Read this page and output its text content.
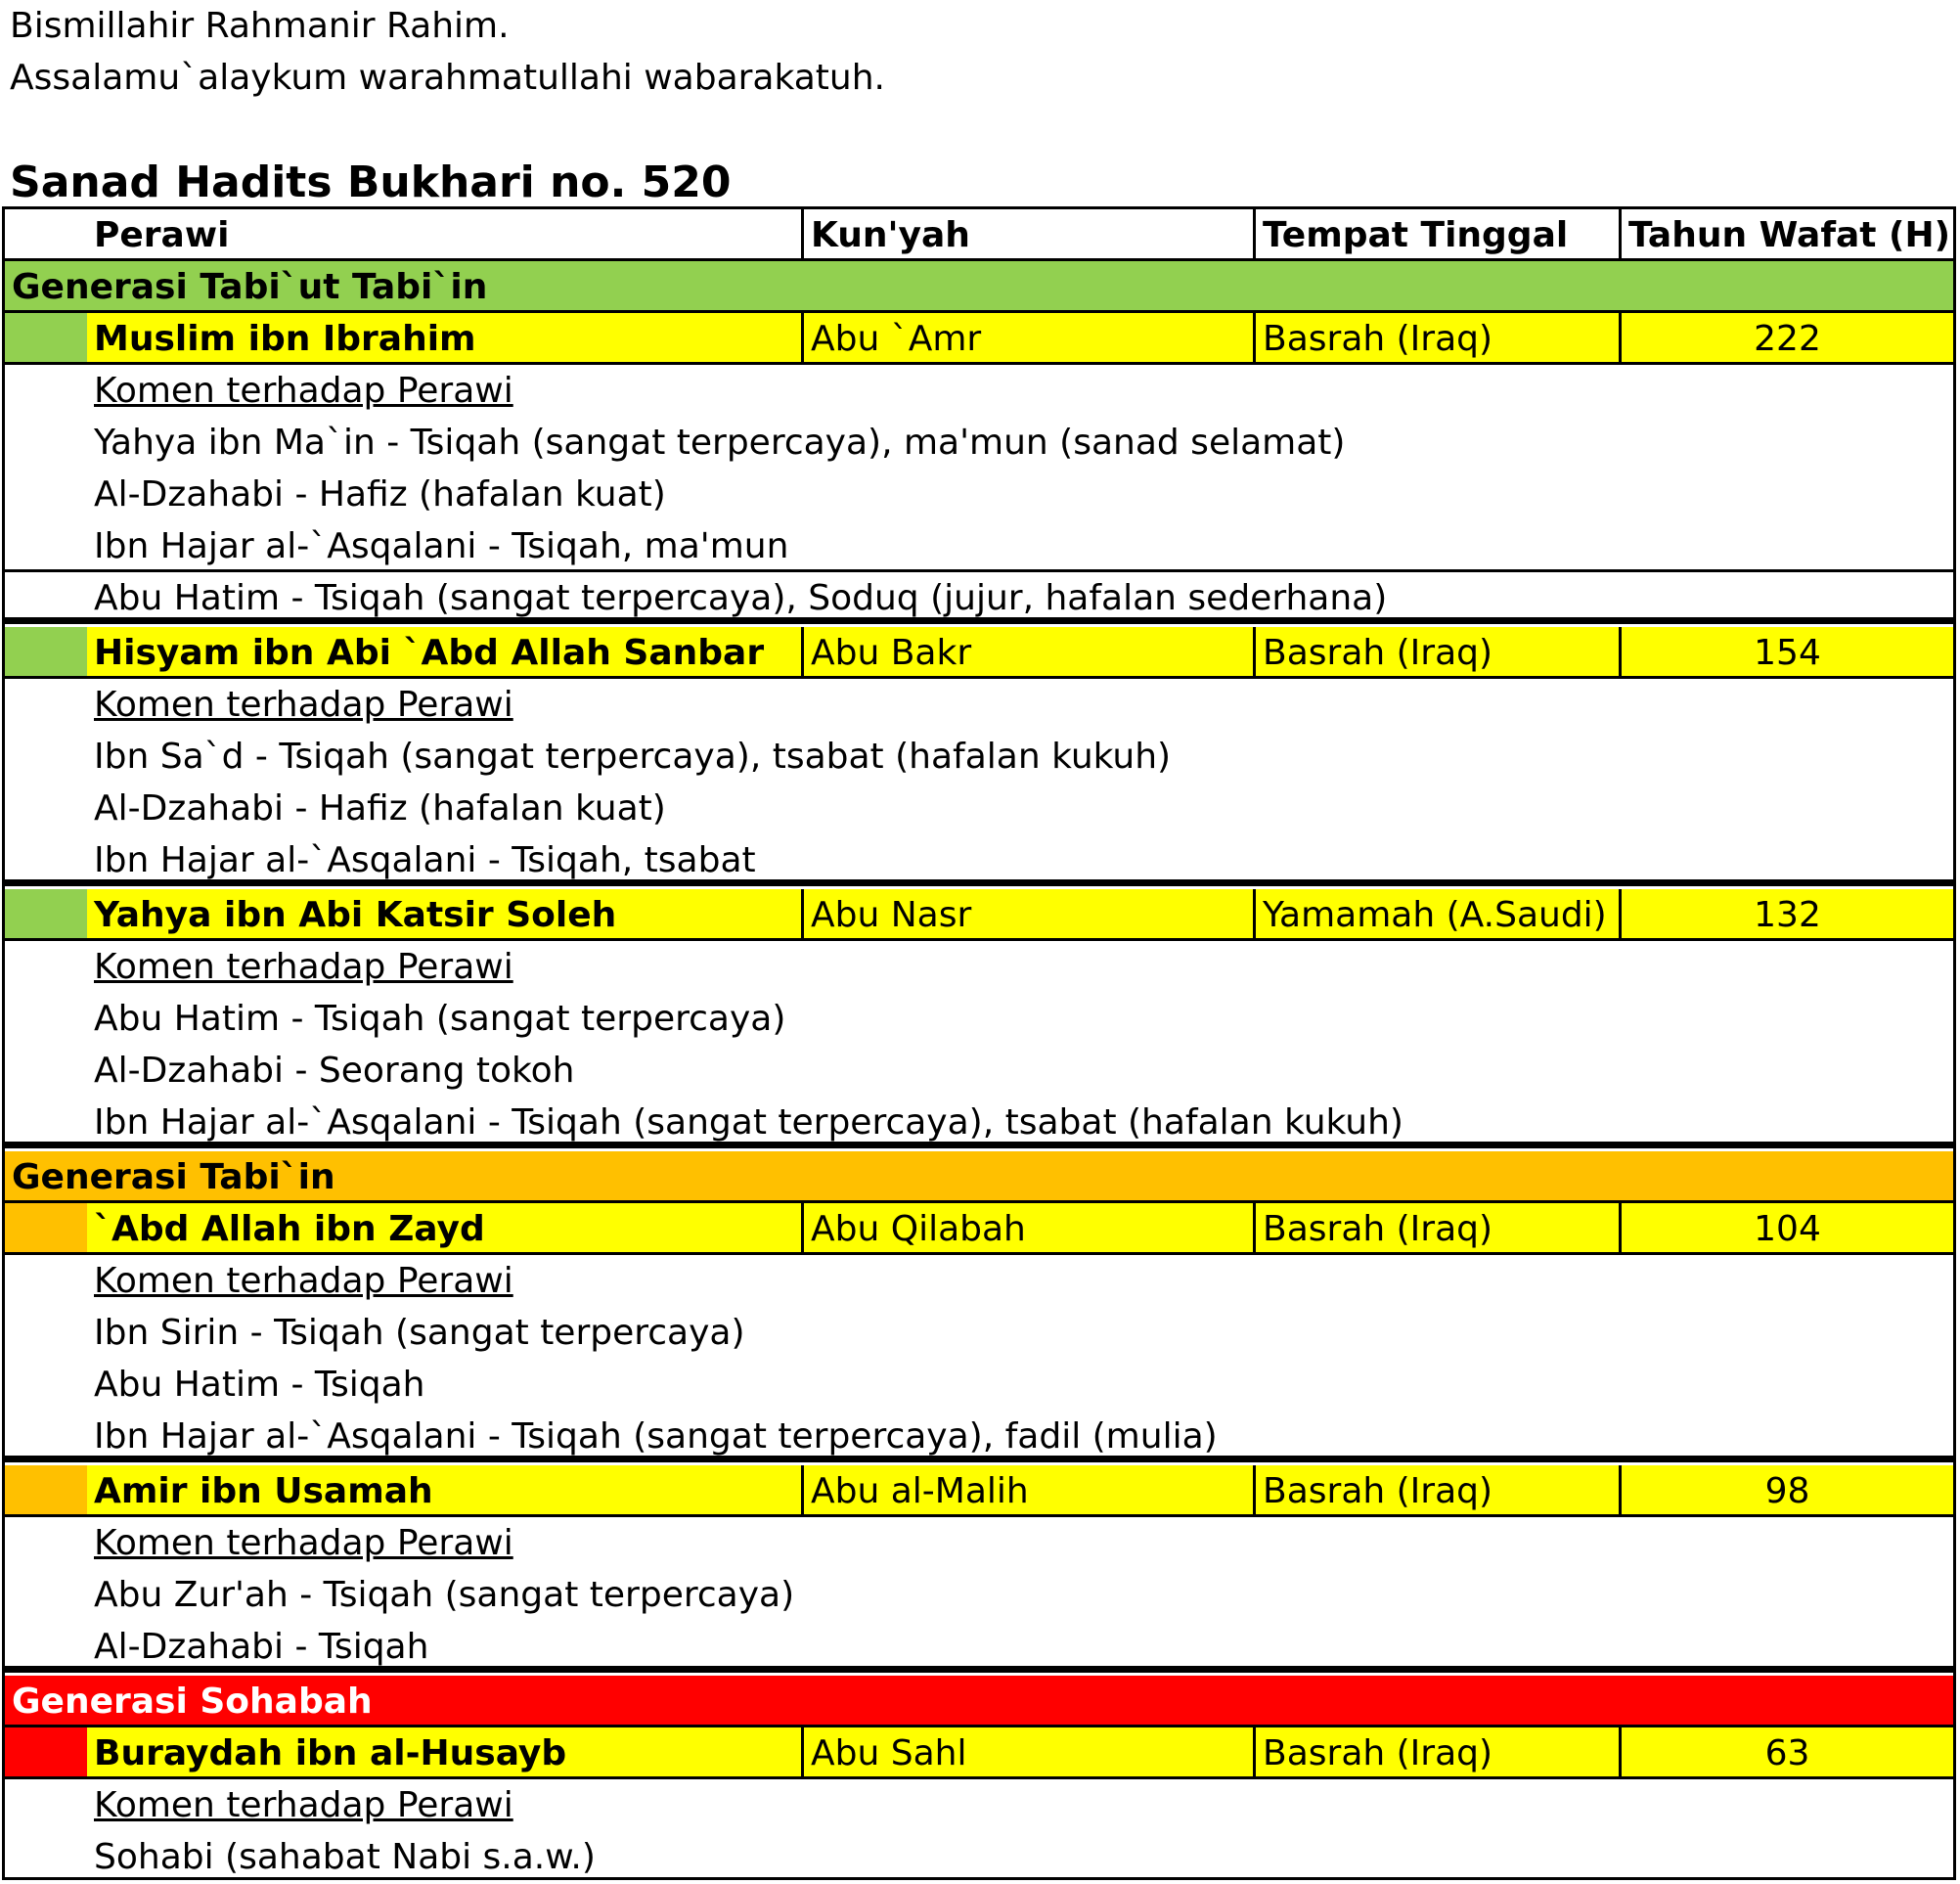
Bismillahir Rahmanir Rahim.
Assalamu`alaykum warahmatullahi wabarakatuh.
Sanad Hadits Bukhari no. 520
Perawi	Kun'yah	Tempat Tinggal	Tahun Wafat (H)
Generasi Tabi`ut Tabi`in
Muslim ibn Ibrahim	Abu `Amr	Basrah (Iraq)	222
Komen terhadap Perawi
Yahya ibn Ma`in - Tsiqah (sangat terpercaya), ma'mun (sanad selamat)
Al-Dzahabi - Hafiz (hafalan kuat)
Ibn Hajar al-`Asqalani - Tsiqah, ma'mun
Abu Hatim - Tsiqah (sangat terpercaya), Soduq (jujur, hafalan sederhana)
Hisyam ibn Abi `Abd Allah Sanbar	Abu Bakr	Basrah (Iraq)	154
Komen terhadap Perawi
Ibn Sa`d - Tsiqah (sangat terpercaya), tsabat (hafalan kukuh)
Al-Dzahabi - Hafiz (hafalan kuat)
Ibn Hajar al-`Asqalani - Tsiqah, tsabat
Yahya ibn Abi Katsir Soleh	Abu Nasr	Yamamah (A.Saudi)	132
Komen terhadap Perawi
Abu Hatim - Tsiqah (sangat terpercaya)
Al-Dzahabi - Seorang tokoh
Ibn Hajar al-`Asqalani - Tsiqah (sangat terpercaya), tsabat (hafalan kukuh)
Generasi Tabi`in
`Abd Allah ibn Zayd	Abu Qilabah	Basrah (Iraq)	104
Komen terhadap Perawi
Ibn Sirin - Tsiqah (sangat terpercaya)
Abu Hatim - Tsiqah
Ibn Hajar al-`Asqalani - Tsiqah (sangat terpercaya), fadil (mulia)
Amir ibn Usamah	Abu al-Malih	Basrah (Iraq)	98
Komen terhadap Perawi
Abu Zur'ah - Tsiqah (sangat terpercaya)
Al-Dzahabi - Tsiqah
Generasi Sohabah
Buraydah ibn al-Husayb	Abu Sahl	Basrah (Iraq)	63
Komen terhadap Perawi
Sohabi (sahabat Nabi s.a.w.)
